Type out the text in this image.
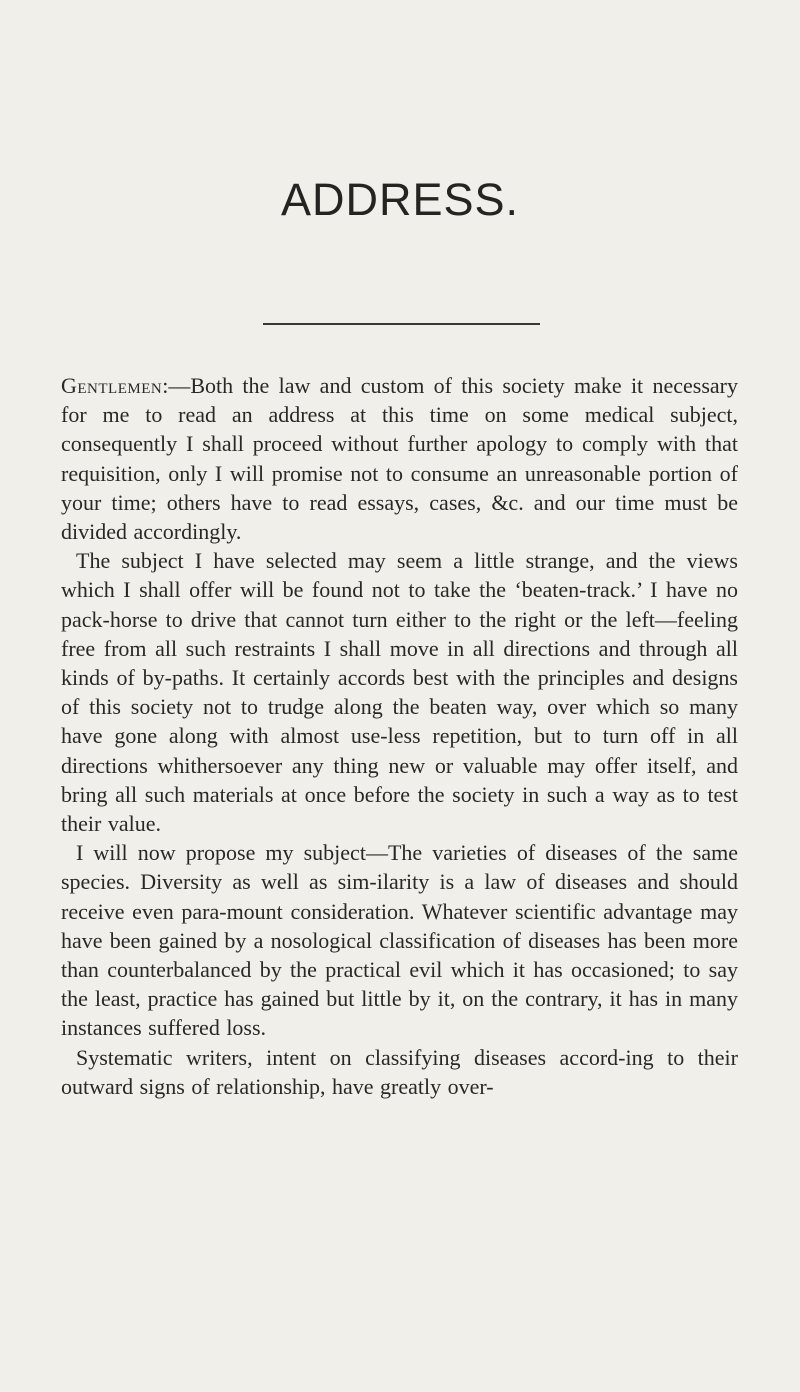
ADDRESS.

Gentlemen:—Both the law and custom of this society make it necessary for me to read an address at this time on some medical subject, consequently I shall proceed without further apology to comply with that requisition, only I will promise not to consume an unreasonable portion of your time; others have to read essays, cases, &c. and our time must be divided accordingly.

The subject I have selected may seem a little strange, and the views which I shall offer will be found not to take the ‘beaten-track.’ I have no pack-horse to drive that cannot turn either to the right or the left—feeling free from all such restraints I shall move in all directions and through all kinds of by-paths. It certainly accords best with the principles and designs of this society not to trudge along the beaten way, over which so many have gone along with almost use-less repetition, but to turn off in all directions whithersoever any thing new or valuable may offer itself, and bring all such materials at once before the society in such a way as to test their value.

I will now propose my subject—The varieties of diseases of the same species. Diversity as well as sim-ilarity is a law of diseases and should receive even para-mount consideration. Whatever scientific advantage may have been gained by a nosological classification of diseases has been more than counterbalanced by the practical evil which it has occasioned; to say the least, practice has gained but little by it, on the contrary, it has in many instances suffered loss.

Systematic writers, intent on classifying diseases accord-ing to their outward signs of relationship, have greatly over-
